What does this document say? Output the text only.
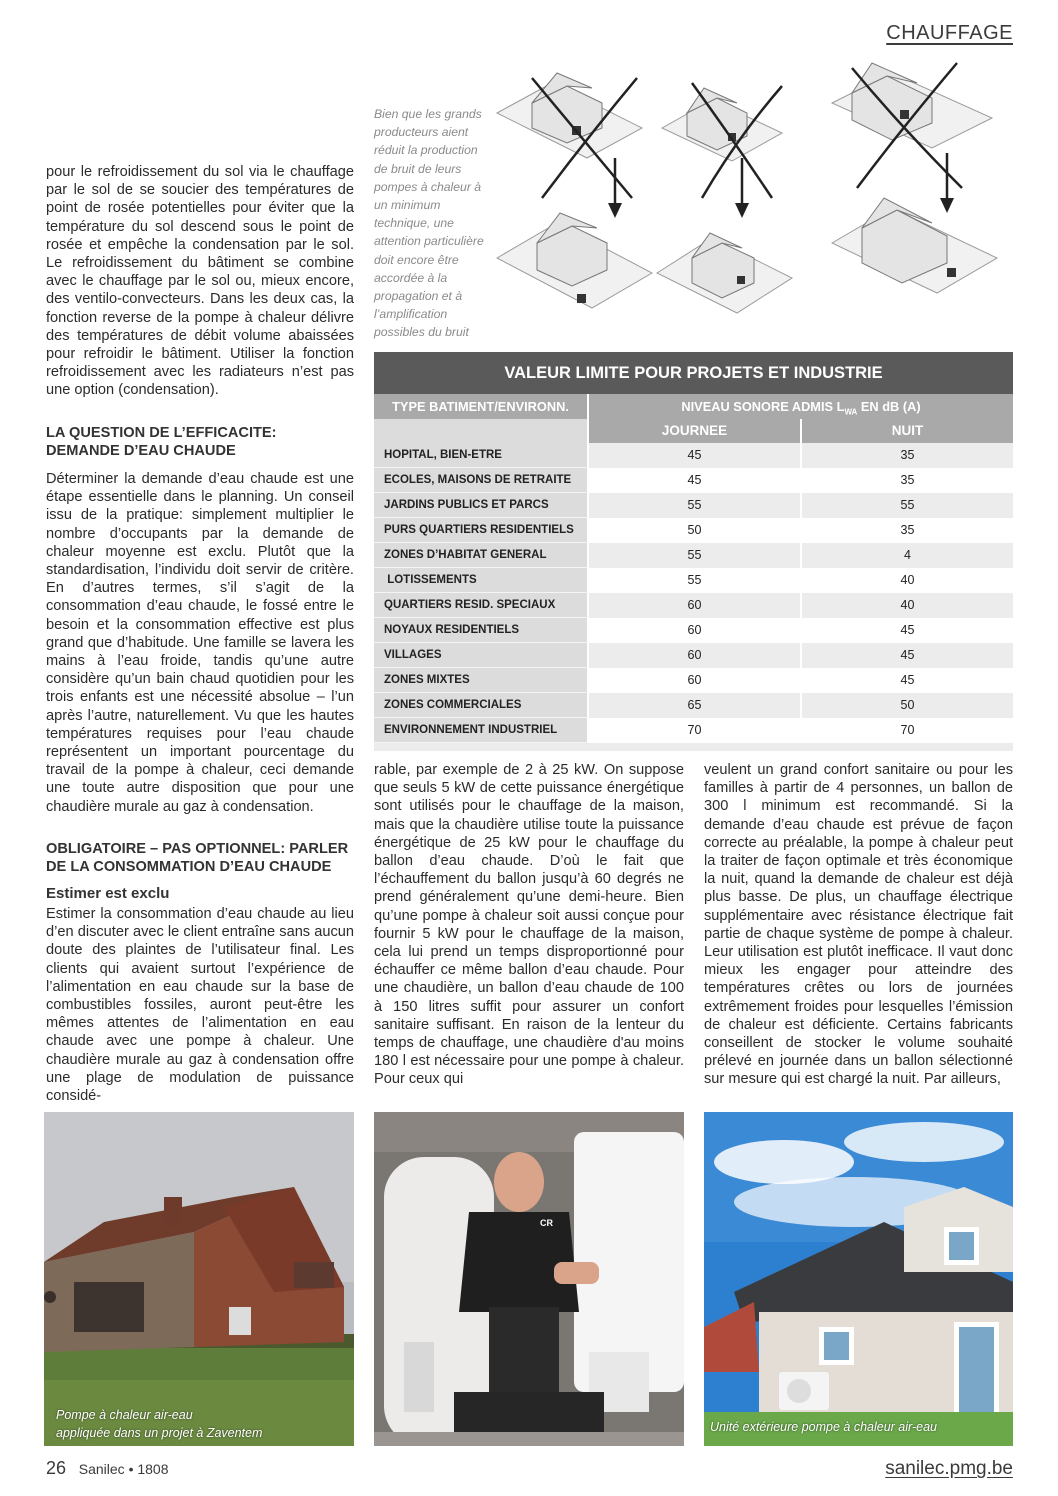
CHAUFFAGE

pour le refroidissement du sol via le chauffage par le sol de se soucier des températures de point de rosée potentielles pour éviter que la température du sol descend sous le point de rosée et empêche la condensation par le sol. Le refroidissement du bâtiment se combine avec le chauffage par le sol ou, mieux encore, des ventilo-convecteurs. Dans les deux cas, la fonction reverse de la pompe à chaleur délivre des températures de débit volume abaissées pour refroidir le bâtiment. Utiliser la fonction refroidissement avec les radiateurs n’est pas une option (condensation).

LA QUESTION DE L’EFFICACITE:

DEMANDE D’EAU CHAUDE

Déterminer la demande d’eau chaude est une étape essentielle dans le planning. Un conseil issu de la pratique: simplement multiplier le nombre d’occupants par la demande de chaleur moyenne est exclu. Plutôt que la standardisation, l’individu doit servir de critère. En d’autres termes, s’il s’agit de la consommation d’eau chaude, le fossé entre le besoin et la consommation effective est plus grand que d’habitude. Une famille se lavera les mains à l’eau froide, tandis qu’une autre considère qu’un bain chaud quotidien pour les trois enfants est une nécessité absolue – l’un après l’autre, naturellement. Vu que les hautes températures requises pour l’eau chaude représentent un important pourcentage du travail de la pompe à chaleur, ceci demande une toute autre disposition que pour une chaudière murale au gaz à condensation.

OBLIGATOIRE – PAS OPTIONNEL: PARLER

DE LA CONSOMMATION D’EAU CHAUDE

Estimer est exclu

Estimer la consommation d’eau chaude au lieu d’en discuter avec le client entraîne sans aucun doute des plaintes de l’utilisateur final. Les clients qui avaient surtout l’expérience de l’alimentation en eau chaude sur la base de combustibles fossiles, auront peut-être les mêmes attentes de l’alimentation en eau chaude avec une pompe à chaleur. Une chaudière murale au gaz à condensation offre une plage de modulation de puissance considé-

Bien que les grands producteurs aient réduit la production de bruit de leurs pompes à chaleur à un minimum technique, une attention particulière doit encore être accordée à la propagation et à l’amplification possibles du bruit
VALEUR LIMITE POUR PROJETS ET INDUSTRIE
TYPE BATIMENT/ENVIRONN.	NIVEAU SONORE ADMIS $L_{WA}$ EN dB (A)
JOURNEE	NUIT
HOPITAL, BIEN-ETRE	45	35
ECOLES, MAISONS DE RETRAITE	45	35
JARDINS PUBLICS ET PARCS	55	55
PURS QUARTIERS RESIDENTIELS	50	35
ZONES D’HABITAT GENERAL	55	4
LOTISSEMENTS	55	40
QUARTIERS RESID. SPECIAUX	60	40
NOYAUX RESIDENTIELS	60	45
VILLAGES	60	45
ZONES MIXTES	60	45
ZONES COMMERCIALES	65	50
ENVIRONNEMENT INDUSTRIEL	70	70

rable, par exemple de 2 à 25 kW. On suppose que seuls 5 kW de cette puissance énergétique sont utilisés pour le chauffage de la maison, mais que la chaudière utilise toute la puissance énergétique de 25 kW pour le chauffage du ballon d’eau chaude. D’où le fait que l’échauffement du ballon jusqu’à 60 degrés ne prend généralement qu’une demi-heure. Bien qu’une pompe à chaleur soit aussi conçue pour fournir 5 kW pour le chauffage de la maison, cela lui prend un temps disproportionné pour échauffer ce même ballon d’eau chaude. Pour une chaudière, un ballon d’eau chaude de 100 à 150 litres suffit pour assurer un confort sanitaire suffisant. En raison de la lenteur du temps de chauffage, une chaudière d'au moins 180 l est nécessaire pour une pompe à chaleur. Pour ceux qui

veulent un grand confort sanitaire ou pour les familles à partir de 4 personnes, un ballon de 300 l minimum est recommandé. Si la demande d’eau chaude est prévue de façon correcte au préalable, la pompe à chaleur peut la traiter de façon optimale et très économique la nuit, quand la demande de chaleur est déjà plus basse. De plus, un chauffage électrique supplémentaire avec résistance électrique fait partie de chaque système de pompe à chaleur. Leur utilisation est plutôt inefficace. Il vaut donc mieux les engager pour atteindre des températures crêtes ou lors de journées extrêmement froides pour lesquelles l’émission de chaleur est déficiente. Certains fabricants conseillent de stocker le volume souhaité prélevé en journée dans un ballon sélectionné sur mesure qui est chargé la nuit. Par ailleurs,

Pompe à chaleur air-eau
appliquée dans un projet à Zaventem
CR
Unité extérieure pompe à chaleur air-eau
26 Sanilec • 1808	sanilec.pmg.be
